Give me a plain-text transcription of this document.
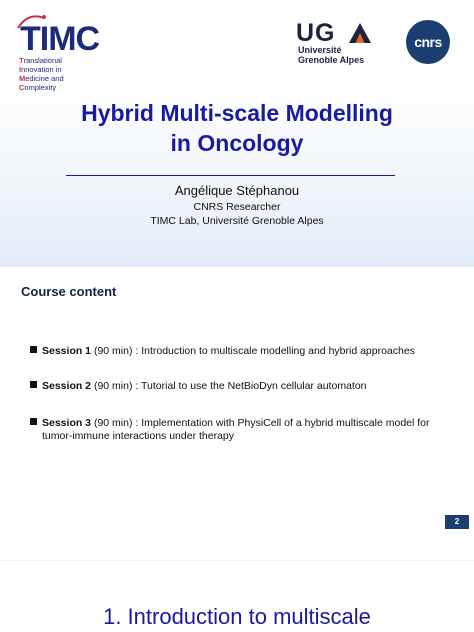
TIMC
Translational
Innovation in
Medicine and
Complexity
UG
Université
Grenoble Alpes
cnrs
Hybrid Multi-scale Modelling
in Oncology
Angélique Stéphanou
CNRS Researcher
TIMC Lab, Université Grenoble Alpes
Course content
Session 1 (90 min) : Introduction to multiscale modelling and hybrid approaches
Session 2 (90 min) : Tutorial to use the NetBioDyn cellular automaton
Session 3 (90 min) : Implementation with PhysiCell of a hybrid multiscale model for
tumor-immune interactions under therapy
2
1. Introduction to multiscale
